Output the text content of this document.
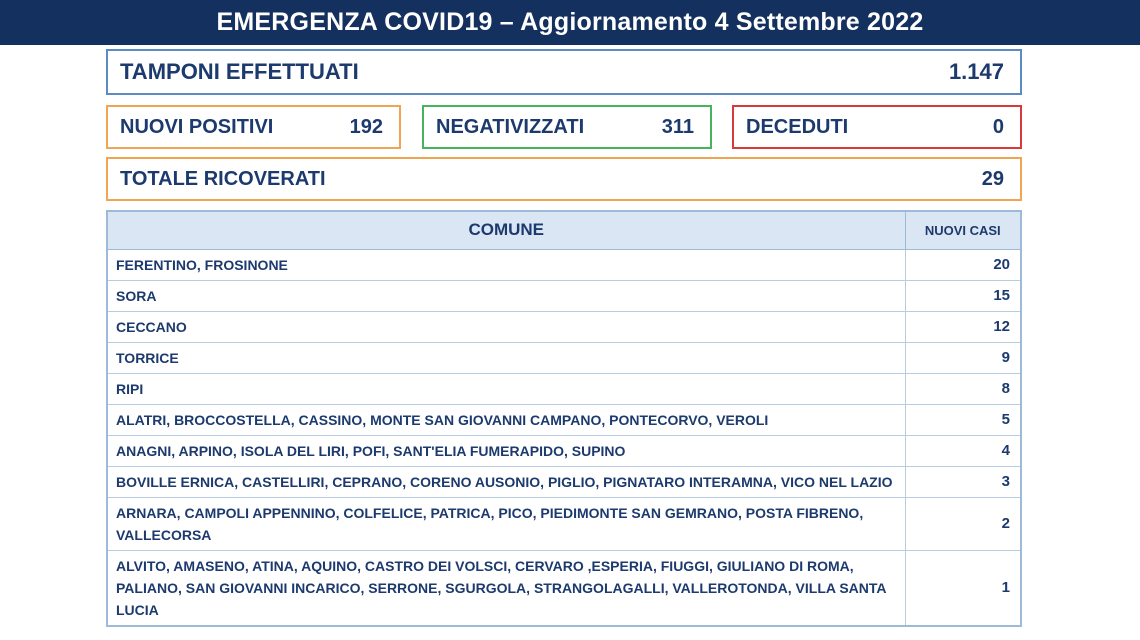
EMERGENZA COVID19 – Aggiornamento 4 Settembre 2022
TAMPONI EFFETTUATI	1.147
NUOVI POSITIVI	192	NEGATIVIZZATI	311	DECEDUTI	0
TOTALE RICOVERATI	29
COMUNE	NUOVI CASI
FERENTINO, FROSINONE	20
SORA	15
CECCANO	12
TORRICE	9
RIPI	8
ALATRI, BROCCOSTELLA, CASSINO, MONTE SAN GIOVANNI CAMPANO, PONTECORVO, VEROLI	5
ANAGNI, ARPINO, ISOLA DEL LIRI, POFI, SANT'ELIA FUMERAPIDO, SUPINO	4
BOVILLE ERNICA, CASTELLIRI, CEPRANO, CORENO AUSONIO, PIGLIO, PIGNATARO INTERAMNA, VICO NEL LAZIO	3
ARNARA, CAMPOLI APPENNINO, COLFELICE, PATRICA, PICO, PIEDIMONTE SAN GEMRANO, POSTA FIBRENO, VALLECORSA	2
ALVITO, AMASENO, ATINA, AQUINO, CASTRO DEI VOLSCI, CERVARO ,ESPERIA, FIUGGI, GIULIANO DI ROMA, PALIANO, SAN GIOVANNI INCARICO, SERRONE, SGURGOLA, STRANGOLAGALLI, VALLEROTONDA, VILLA SANTA LUCIA	1
